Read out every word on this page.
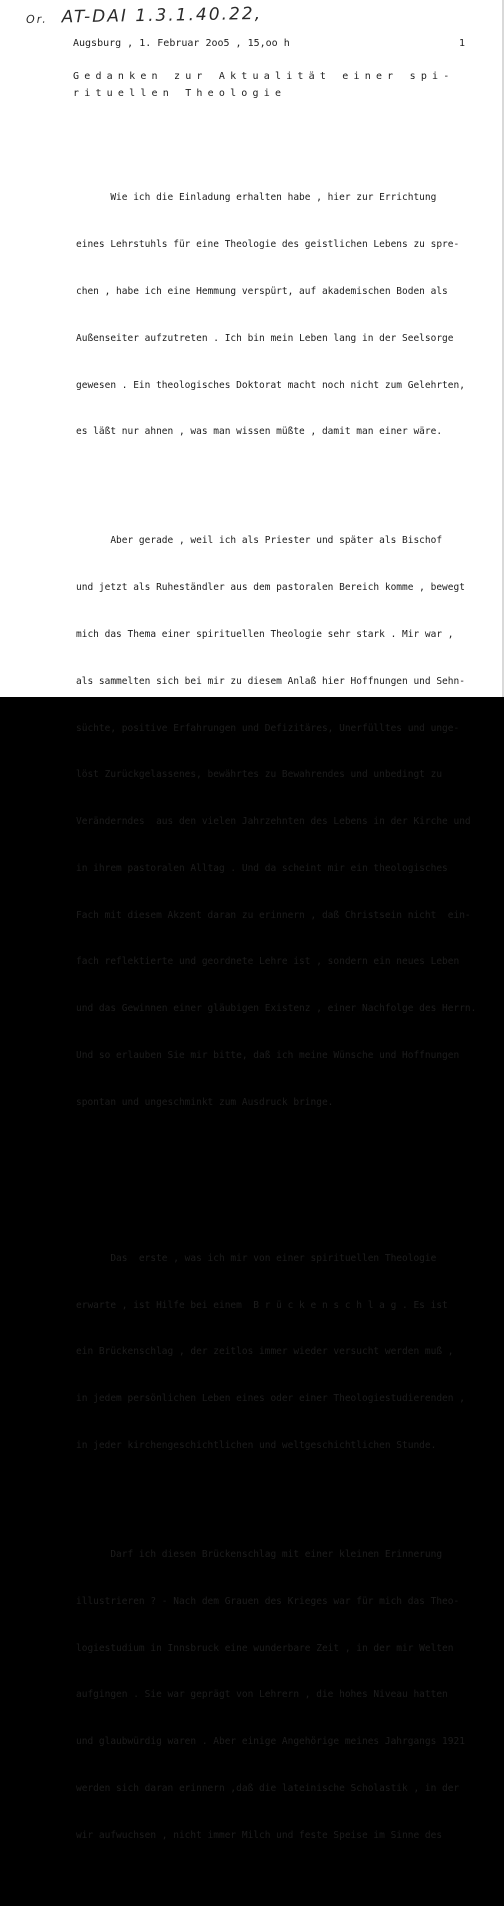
Or. AT-DAI 1.3.1.40.22,
Augsburg , 1. Februar 2oo5 , 15,oo h	1
Gedanken zur Aktualität einer spi-
rituellen Theologie

Wie ich die Einladung erhalten habe , hier zur Errichtung

eines Lehrstuhls für eine Theologie des geistlichen Lebens zu spre-

chen , habe ich eine Hemmung verspürt, auf akademischen Boden als

Außenseiter aufzutreten . Ich bin mein Leben lang in der Seelsorge

gewesen . Ein theologisches Doktorat macht noch nicht zum Gelehrten,

es läßt nur ahnen , was man wissen müßte , damit man einer wäre.

Aber gerade , weil ich als Priester und später als Bischof

und jetzt als Ruheständler aus dem pastoralen Bereich komme , bewegt

mich das Thema einer spirituellen Theologie sehr stark . Mir war ,

als sammelten sich bei mir zu diesem Anlaß hier Hoffnungen und Sehn-

süchte, positive Erfahrungen und Defizitäres, Unerfülltes und unge-

löst Zurückgelassenes, bewährtes zu Bewahrendes und unbedingt zu

Veränderndes  aus den vielen Jahrzehnten des Lebens in der Kirche und

in ihrem pastoralen Alltag . Und da scheint mir ein theologisches

Fach mit diesem Akzent daran zu erinnern , daß Christsein nicht  ein-

fach reflektierte und geordnete Lehre ist , sondern ein neues Leben

und das Gewinnen einer gläubigen Existenz , einer Nachfolge des Herrn.

Und so erlauben Sie mir bitte, daß ich meine Wünsche und Hoffnungen

spontan und ungeschminkt zum Ausdruck bringe.

Das  erste , was ich mir von einer spirituellen Theologie

erwarte , ist Hilfe bei einem  B r ü c k e n s c h l a g . Es ist

ein Brückenschlag , der zeitlos immer wieder versucht werden muß ,

in jedem persönlichen Leben eines oder einer Theologiestudierenden ,

in jeder kirchengeschichtlichen und weltgeschichtlichen Stunde.

Darf ich diesen Brückenschlag mit einer kleinen Erinnerung

illustrieren ? - Nach dem Grauen des Krieges war für mich das Theo-

logiestudium in Innsbruck eine wunderbare Zeit , in der mir Welten

aufgingen . Sie war geprägt von Lehrern , die hohes Niveau hatten

und glaubwürdig waren . Aber einige Angehörige meines Jahrgangs 1921

werden sich daran erinnern ,daß die lateinische Scholastik , in der

wir aufwuchsen , nicht immer Milch und feste Speise im Sinne des
